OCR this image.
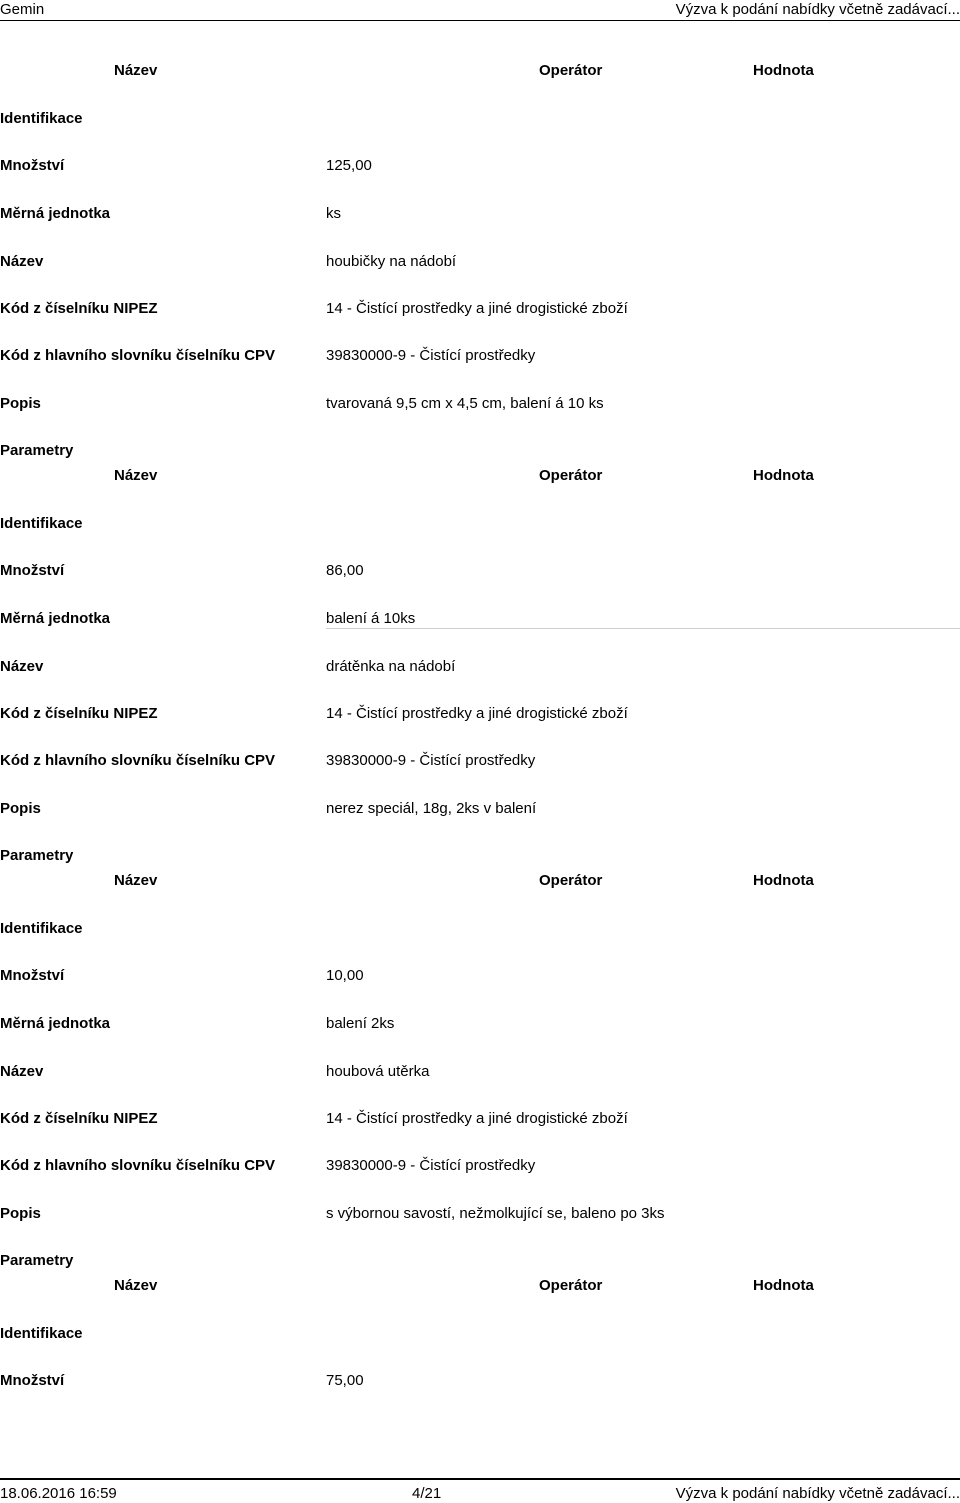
Gemin	Výzva k podání nabídky včetně zadávací...
Název	Operátor	Hodnota
Identifikace
Množství	125,00
Měrná jednotka	ks
Název	houbičky na nádobí
Kód z číselníku NIPEZ	14 - Čistící prostředky a jiné drogistické zboží
Kód z hlavního slovníku číselníku CPV	39830000-9 - Čistící prostředky
Popis	tvarovaná 9,5 cm x 4,5 cm, balení á 10 ks
Parametry
Název	Operátor	Hodnota
Identifikace
Množství	86,00
Měrná jednotka	balení á 10ks
Název	drátěnka na nádobí
Kód z číselníku NIPEZ	14 - Čistící prostředky a jiné drogistické zboží
Kód z hlavního slovníku číselníku CPV	39830000-9 - Čistící prostředky
Popis	nerez speciál, 18g, 2ks v balení
Parametry
Název	Operátor	Hodnota
Identifikace
Množství	10,00
Měrná jednotka	balení 2ks
Název	houbová utěrka
Kód z číselníku NIPEZ	14 - Čistící prostředky a jiné drogistické zboží
Kód z hlavního slovníku číselníku CPV	39830000-9 - Čistící prostředky
Popis	s výbornou savostí, nežmolkující se, baleno po 3ks
Parametry
Název	Operátor	Hodnota
Identifikace
Množství	75,00
18.06.2016 16:59	4/21	Výzva k podání nabídky včetně zadávací...
